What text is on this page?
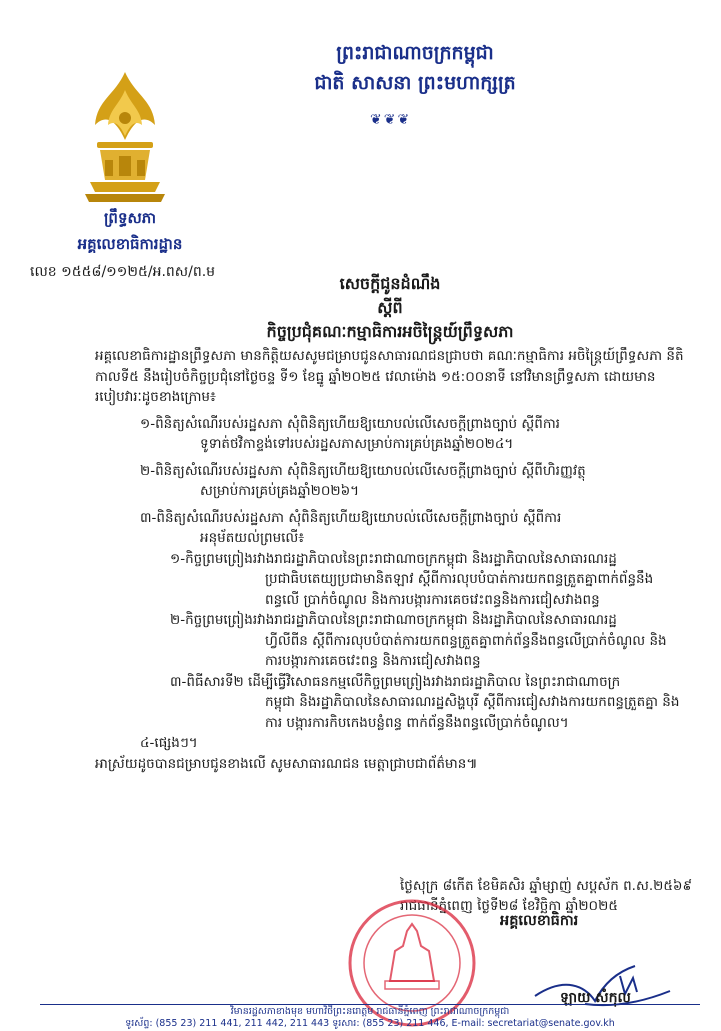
ព្រះរាជាណាចក្រកម្ពុជា
ជាតិ សាសនា ព្រះមហាក្សត្រ
❦❦❦
ព្រឹទ្ធសភា
អគ្គលេខាធិការដ្ឋាន
លេខ ១៥៥៨/១១២៥/អ.ពស/ព.ម
សេចក្តីជូនដំណឹង
ស្តីពី
កិច្ចប្រជុំគណៈកម្មាធិការអចិន្ត្រៃយ៍ព្រឹទ្ធសភា

អគ្គលេខាធិការដ្ឋានព្រឹទ្ធសភា មានកិត្តិយសសូមជម្រាបជូនសាធារណជនជ្រាបថា គណៈកម្មាធិការ អចិន្ត្រៃយ៍ព្រឹទ្ធសភា នីតិកាលទី៥ នឹងរៀបចំកិច្ចប្រជុំនៅថ្ងៃចន្ទ ទី១ ខែធ្នូ ឆ្នាំ២០២៥ វេលាម៉ោង ១៥:០០នាទី នៅវិមានព្រឹទ្ធសភា ដោយមានរបៀបវារៈដូចខាងក្រោម៖

១-ពិនិត្យសំណើរបស់រដ្ឋសភា សុំពិនិត្យហើយឱ្យយោបល់លើសេចក្តីព្រាងច្បាប់ ស្តីពីការ

ទូទាត់ថវិកាខ្ទង់ទៅរបស់រដ្ឋសភាសម្រាប់ការគ្រប់គ្រងឆ្នាំ២០២៤។

២-ពិនិត្យសំណើរបស់រដ្ឋសភា សុំពិនិត្យហើយឱ្យយោបល់លើសេចក្តីព្រាងច្បាប់ ស្តីពីហិរញ្ញវត្ថុ

សម្រាប់ការគ្រប់គ្រងឆ្នាំ២០២៦។

៣-ពិនិត្យសំណើរបស់រដ្ឋសភា សុំពិនិត្យហើយឱ្យយោបល់លើសេចក្តីព្រាងច្បាប់ ស្តីពីការ

អនុម័តយល់ព្រមលើ៖

១-កិច្ចព្រមព្រៀងរវាងរាជរដ្ឋាភិបាលនៃព្រះរាជាណាចក្រកម្ពុជា និងរដ្ឋាភិបាលនៃសាធារណរដ្ឋ

ប្រជាធិបតេយ្យប្រជាមានិតឡាវ ស្តីពីការលុបបំបាត់ការយកពន្ធត្រួតគ្នាពាក់ព័ន្ធនឹងពន្ធលើ ប្រាក់ចំណូល និងការបង្ការការគេចវេះពន្ធនិងការជៀសវាងពន្ធ

២-កិច្ចព្រមព្រៀងរវាងរាជរដ្ឋាភិបាលនៃព្រះរាជាណាចក្រកម្ពុជា និងរដ្ឋាភិបាលនៃសាធារណរដ្ឋ

ហ្វីលីពីន ស្តីពីការលុបបំបាត់ការយកពន្ធត្រួតគ្នាពាក់ព័ន្ធនឹងពន្ធលើប្រាក់ចំណូល និង ការបង្ការការគេចវេះពន្ធ និងការជៀសវាងពន្ធ

៣-ពិធីសារទី២ ដើម្បីធ្វើវិសោធនកម្មលើកិច្ចព្រមព្រៀងរវាងរាជរដ្ឋាភិបាល នៃព្រះរាជាណាចក្រ

កម្ពុជា និងរដ្ឋាភិបាលនៃសាធារណរដ្ឋសិង្ហបុរី ស្តីពីការជៀសវាងការយកពន្ធត្រួតគ្នា និងការ បង្ការការកិបកេងបន្លំពន្ធ ពាក់ព័ន្ធនឹងពន្ធលើប្រាក់ចំណូល។

៤-ផ្សេងៗ។

អាស្រ័យដូចបានជម្រាបជូនខាងលើ សូមសាធារណជន មេត្តាជ្រាបជាព័ត៌មាន៕

ថ្ងៃសុក្រ ៨កើត ខែមិគសិរ ឆ្នាំម្សាញ់ សប្តស័ក ព.ស.២៥៦៩
រាជធានីភ្នំពេញ ថ្ងៃទី២៨ ខែវិច្ឆិកា ឆ្នាំ២០២៥
អគ្គលេខាធិការ
ឡាយ សំកុល
វិមានរដ្ឋសភាខាងមុខ មហាវិថីព្រះនរោត្តម រាជធានីភ្នំពេញ ព្រះរាជាណាចក្រកម្ពុជា
ទូរស័ព្ទ: (855 23) 211 441, 211 442, 211 443 ទូរសារ: (855 23) 211 446, E-mail: secretariat@senate.gov.kh
